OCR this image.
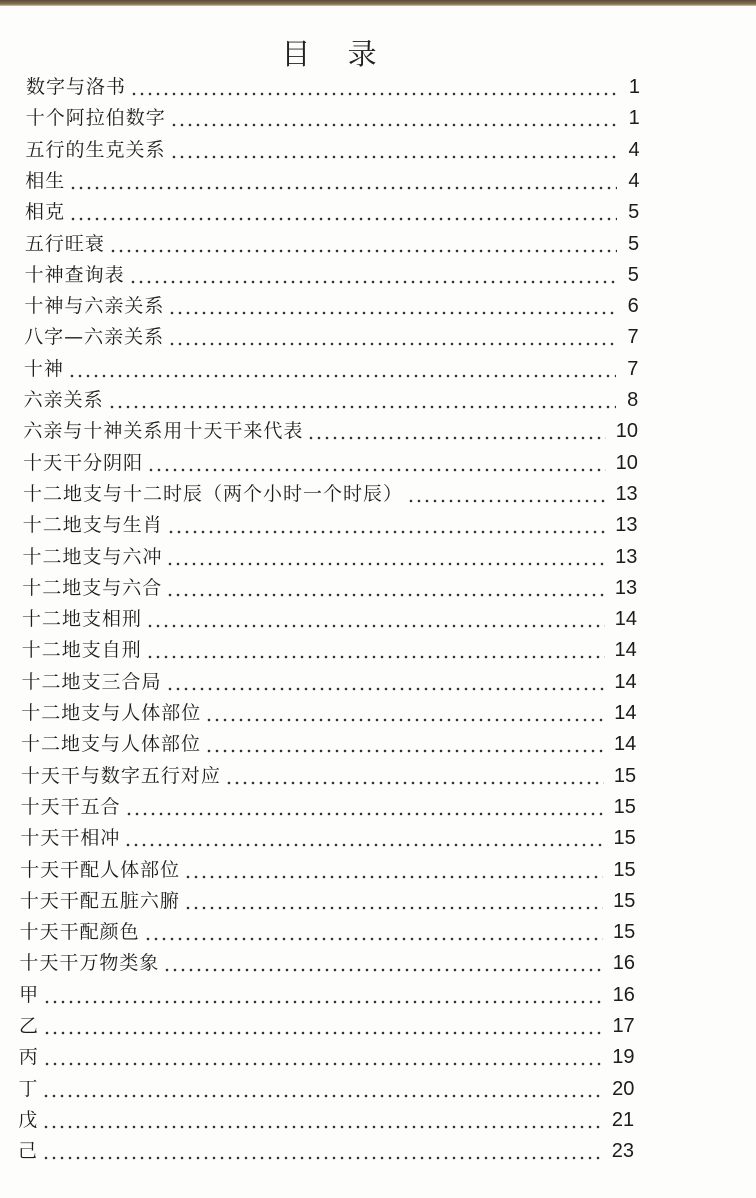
目 录
数字与洛书	1
十个阿拉伯数字	1
五行的生克关系	4
相生	4
相克	5
五行旺衰	5
十神查询表	5
十神与六亲关系	6
八字—六亲关系	7
十神	7
六亲关系	8
六亲与十神关系用十天干来代表	10
十天干分阴阳	10
十二地支与十二时辰（两个小时一个时辰）	13
十二地支与生肖	13
十二地支与六冲	13
十二地支与六合	13
十二地支相刑	14
十二地支自刑	14
十二地支三合局	14
十二地支与人体部位	14
十二地支与人体部位	14
十天干与数字五行对应	15
十天干五合	15
十天干相冲	15
十天干配人体部位	15
十天干配五脏六腑	15
十天干配颜色	15
十天干万物类象	16
甲	16
乙	17
丙	19
丁	20
戊	21
己	23
